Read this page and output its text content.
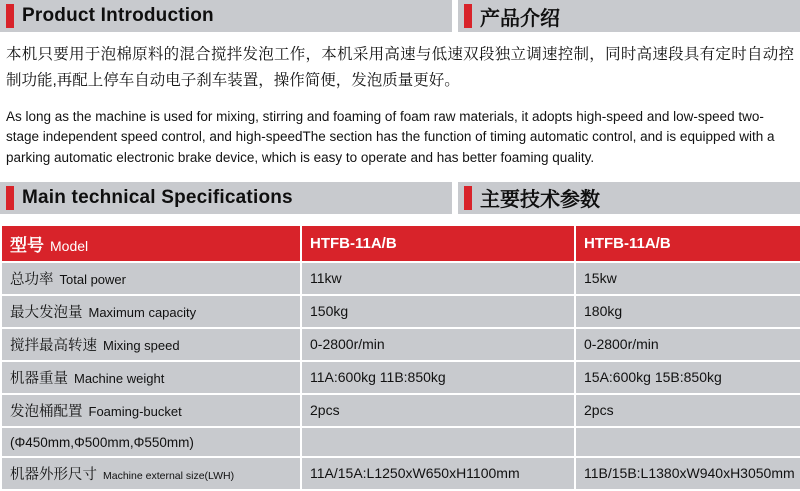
Product Introduction	产品介绍

本机只要用于泡棉原料的混合搅拌发泡工作，本机采用高速与低速双段独立调速控制，同时高速段具有定时自动控制功能,再配上停车自动电子刹车装置，操作简便，发泡质量更好。

As long as the machine is used for mixing, stirring and foaming of foam raw materials, it adopts high-speed and low-speed two-stage independent speed control, and high-speedThe section has the function of timing automatic control, and is equipped with a parking automatic electronic brake device, which is easy to operate and has better foaming quality.

Main technical Specifications	主要技术参数
型号 Model	HTFB-11A/B	HTFB-11A/B
总功率 Total power	11kw	15kw
最大发泡量 Maximum capacity	150kg	180kg
搅拌最高转速 Mixing speed	0-2800r/min	0-2800r/min
机器重量 Machine weight	11A:600kg 11B:850kg	15A:600kg 15B:850kg
发泡桶配置 Foaming-bucket	2pcs	2pcs
(Φ450mm,Φ500mm,Φ550mm)		
机器外形尺寸 Machine external size(LWH)	11A/15A:L1250xW650xH1100mm	11B/15B:L1380xW940xH3050mm
